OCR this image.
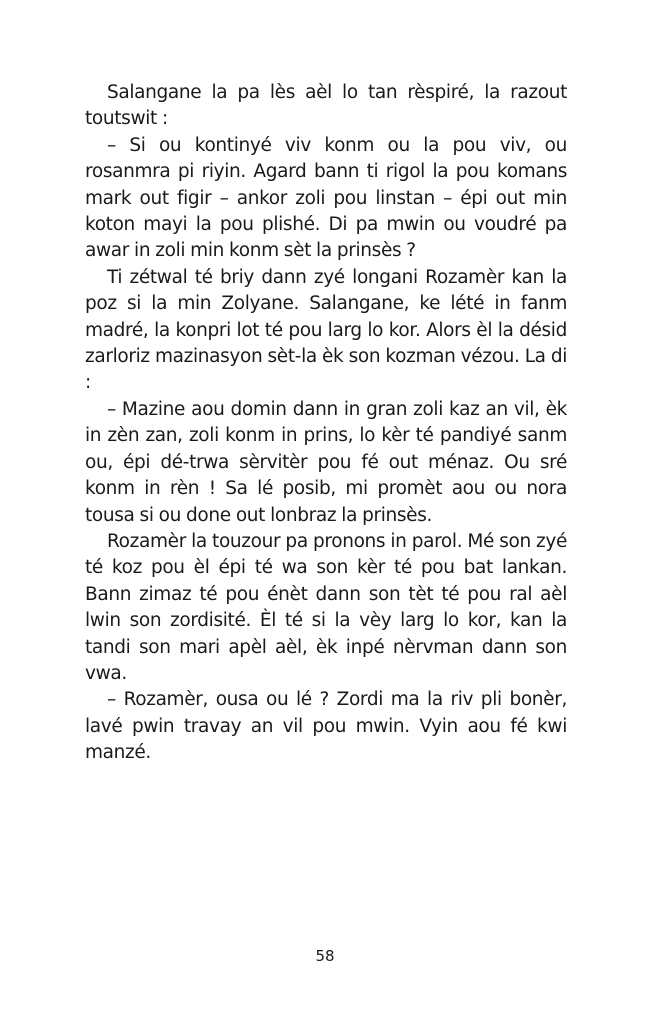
Salangane la pa lès aèl lo tan rèspiré, la razout toutswit :

– Si ou kontinyé viv konm ou la pou viv, ou rosanmra pi riyin. Agard bann ti rigol la pou komans mark out figir – ankor zoli pou linstan – épi out min koton mayi la pou plishé. Di pa mwin ou voudré pa awar in zoli min konm sèt la prinsès ?

Ti zétwal té briy dann zyé longani Rozamèr kan la poz si la min Zolyane. Salangane, ke lété in fanm madré, la konpri lot té pou larg lo kor. Alors èl la désid zarloriz mazinasyon sèt-la èk son kozman vézou. La di :

– Mazine aou domin dann in gran zoli kaz an vil, èk in zèn zan, zoli konm in prins, lo kèr té pandiyé sanm ou, épi dé-trwa sèrvitèr pou fé out ménaz. Ou sré konm in rèn ! Sa lé posib, mi promèt aou ou nora tousa si ou done out lonbraz la prinsès.

Rozamèr la touzour pa pronons in parol. Mé son zyé té koz pou èl épi té wa son kèr té pou bat lankan. Bann zimaz té pou énèt dann son tèt té pou ral aèl lwin son zordisité. Èl té si la vèy larg lo kor, kan la tandi son mari apèl aèl, èk inpé nèrvman dann son vwa.

– Rozamèr, ousa ou lé ? Zordi ma la riv pli bonèr, lavé pwin travay an vil pou mwin. Vyin aou fé kwi manzé.

58
